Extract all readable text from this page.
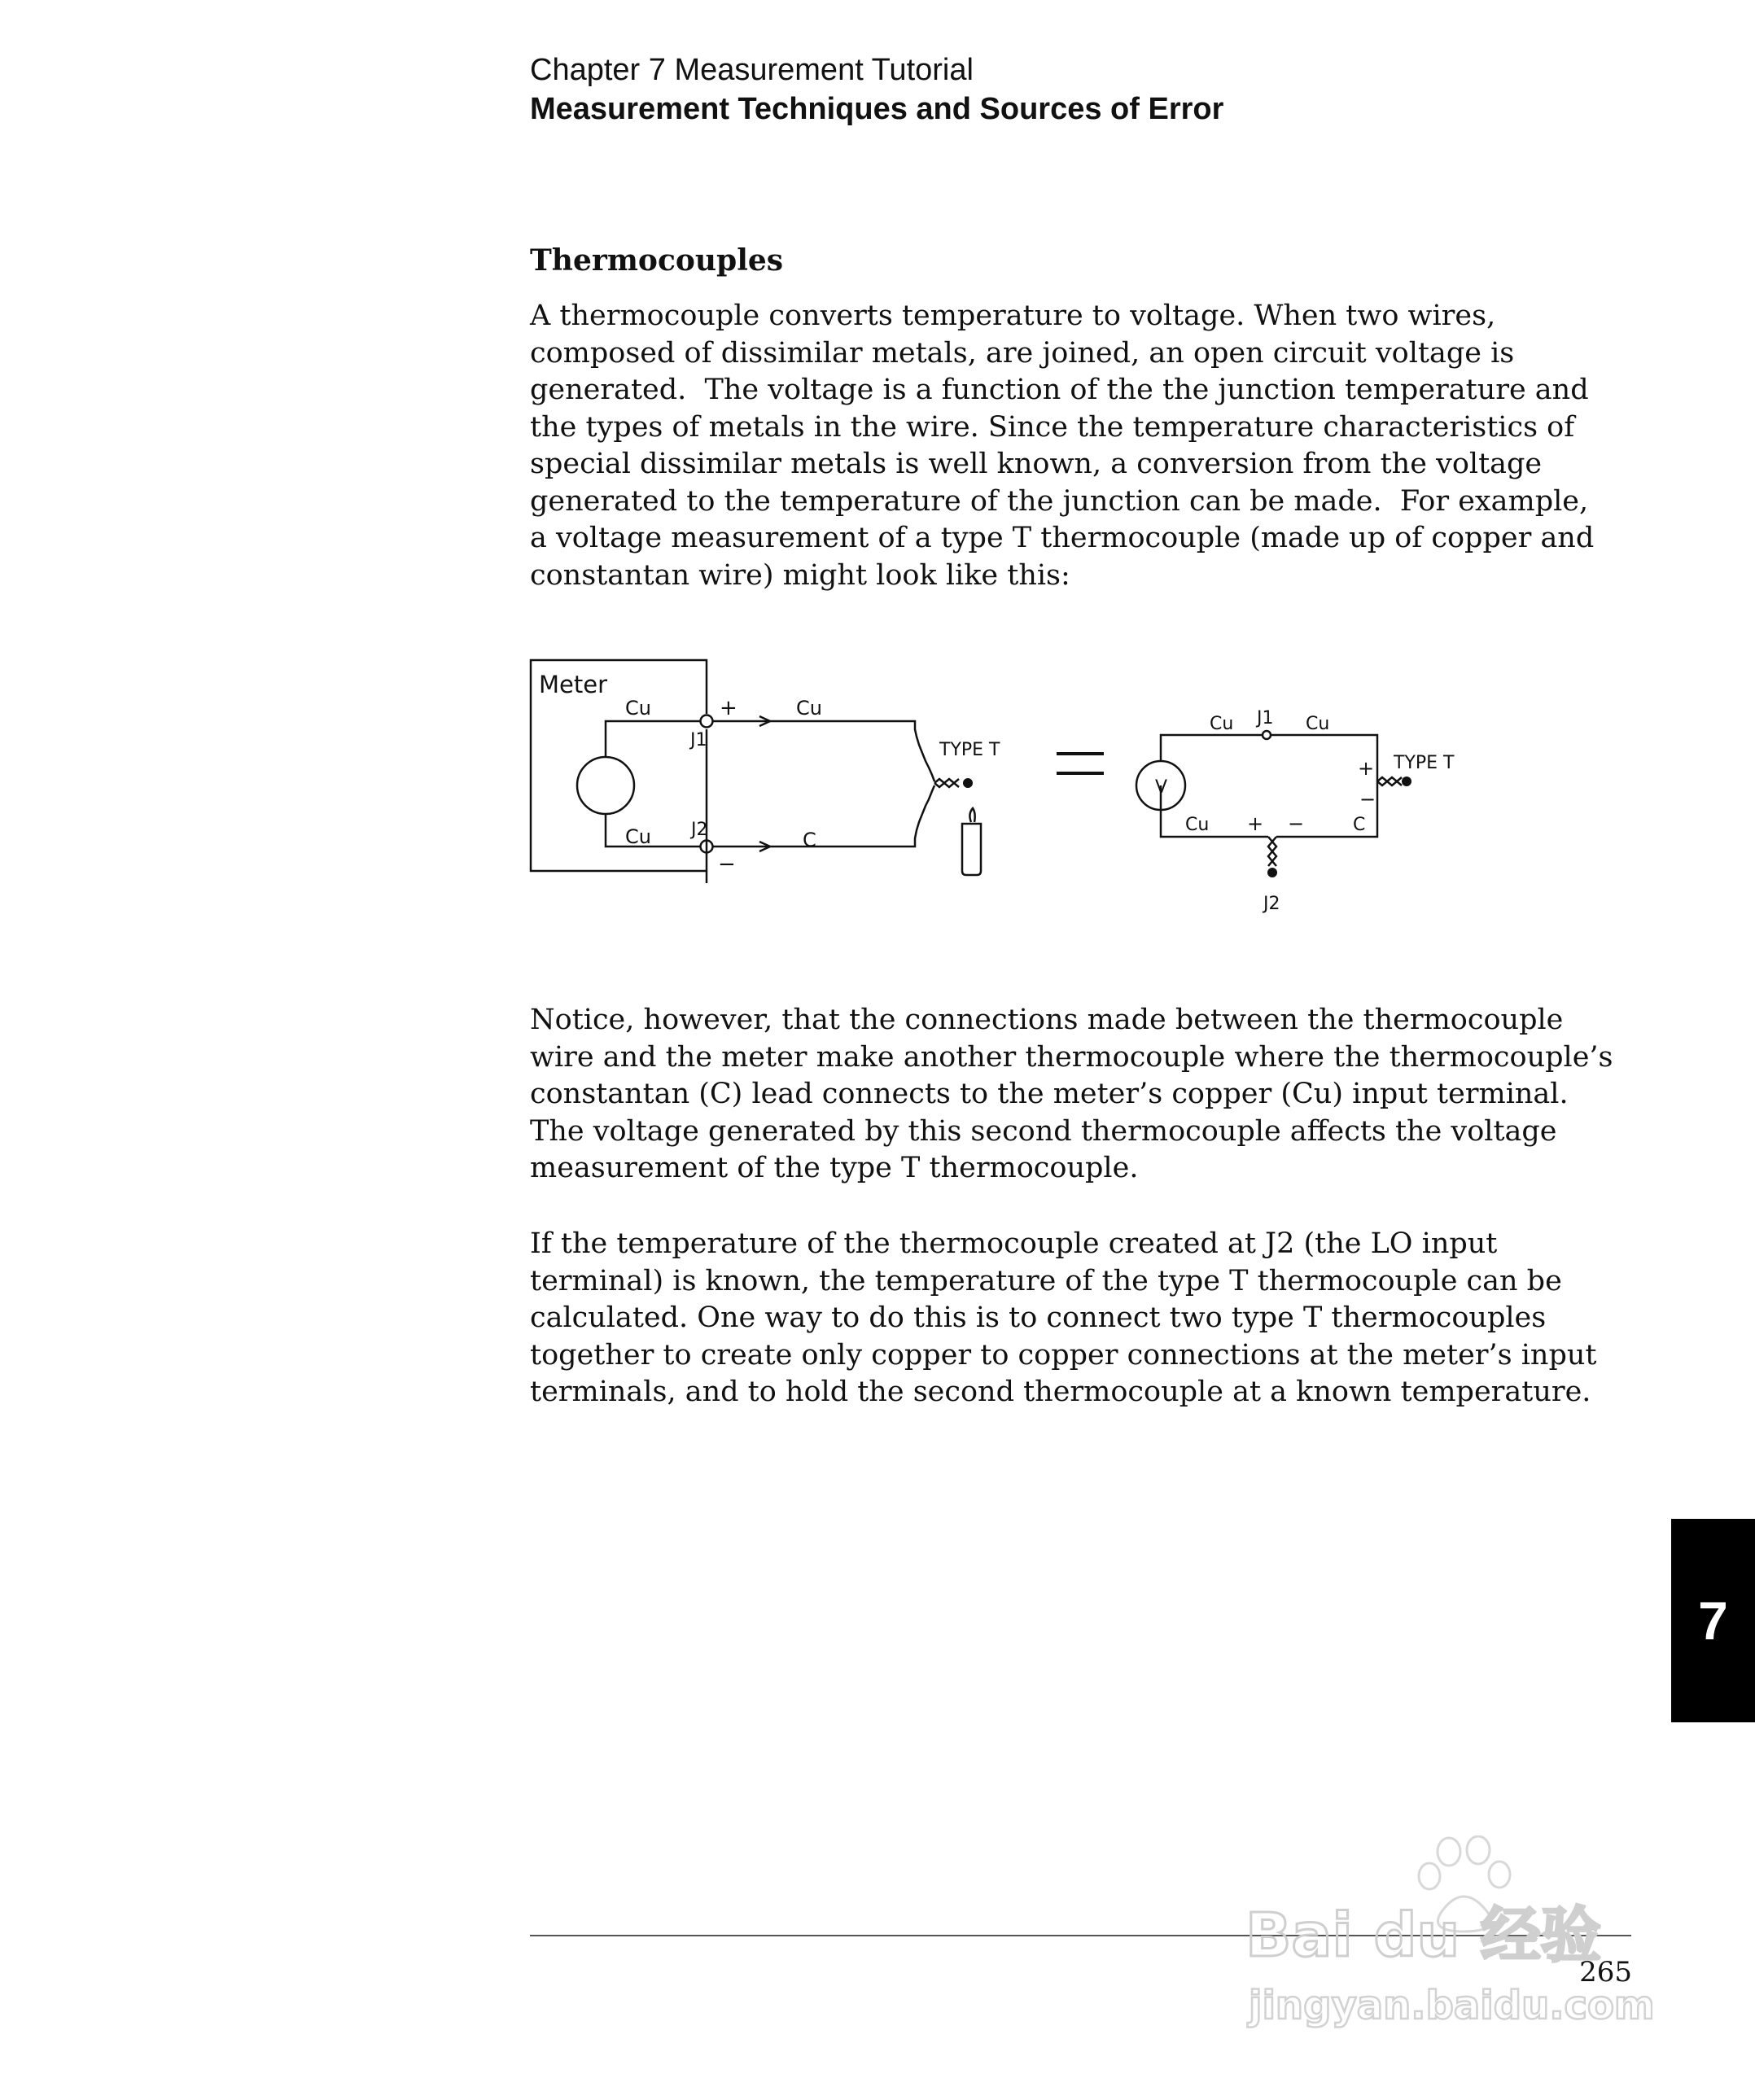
Chapter 7 Measurement Tutorial
Measurement Techniques and Sources of Error
Thermocouples
A thermocouple converts temperature to voltage. When two wires,
composed of dissimilar metals, are joined, an open circuit voltage is
generated.  The voltage is a function of the the junction temperature and
the types of metals in the wire. Since the temperature characteristics of
special dissimilar metals is well known, a conversion from the voltage
generated to the temperature of the junction can be made.  For example,
a voltage measurement of a type T thermocouple (made up of copper and
constantan wire) might look like this:
Meter
Cu	+	Cu
J1	TYPE T
Cu J2	C
−
Cu J1 Cu
V
+
−
TYPE T
Cu + −	C
J2
Notice, however, that the connections made between the thermocouple
wire and the meter make another thermocouple where the thermocouple’s
constantan (C) lead connects to the meter’s copper (Cu) input terminal.
The voltage generated by this second thermocouple affects the voltage
measurement of the type T thermocouple.
If the temperature of the thermocouple created at J2 (the LO input
terminal) is known, the temperature of the type T thermocouple can be
calculated. One way to do this is to connect two type T thermocouples
together to create only copper to copper connections at the meter’s input
terminals, and to hold the second thermocouple at a known temperature.
7
265
Bai du 经验
jingyan.baidu.com
